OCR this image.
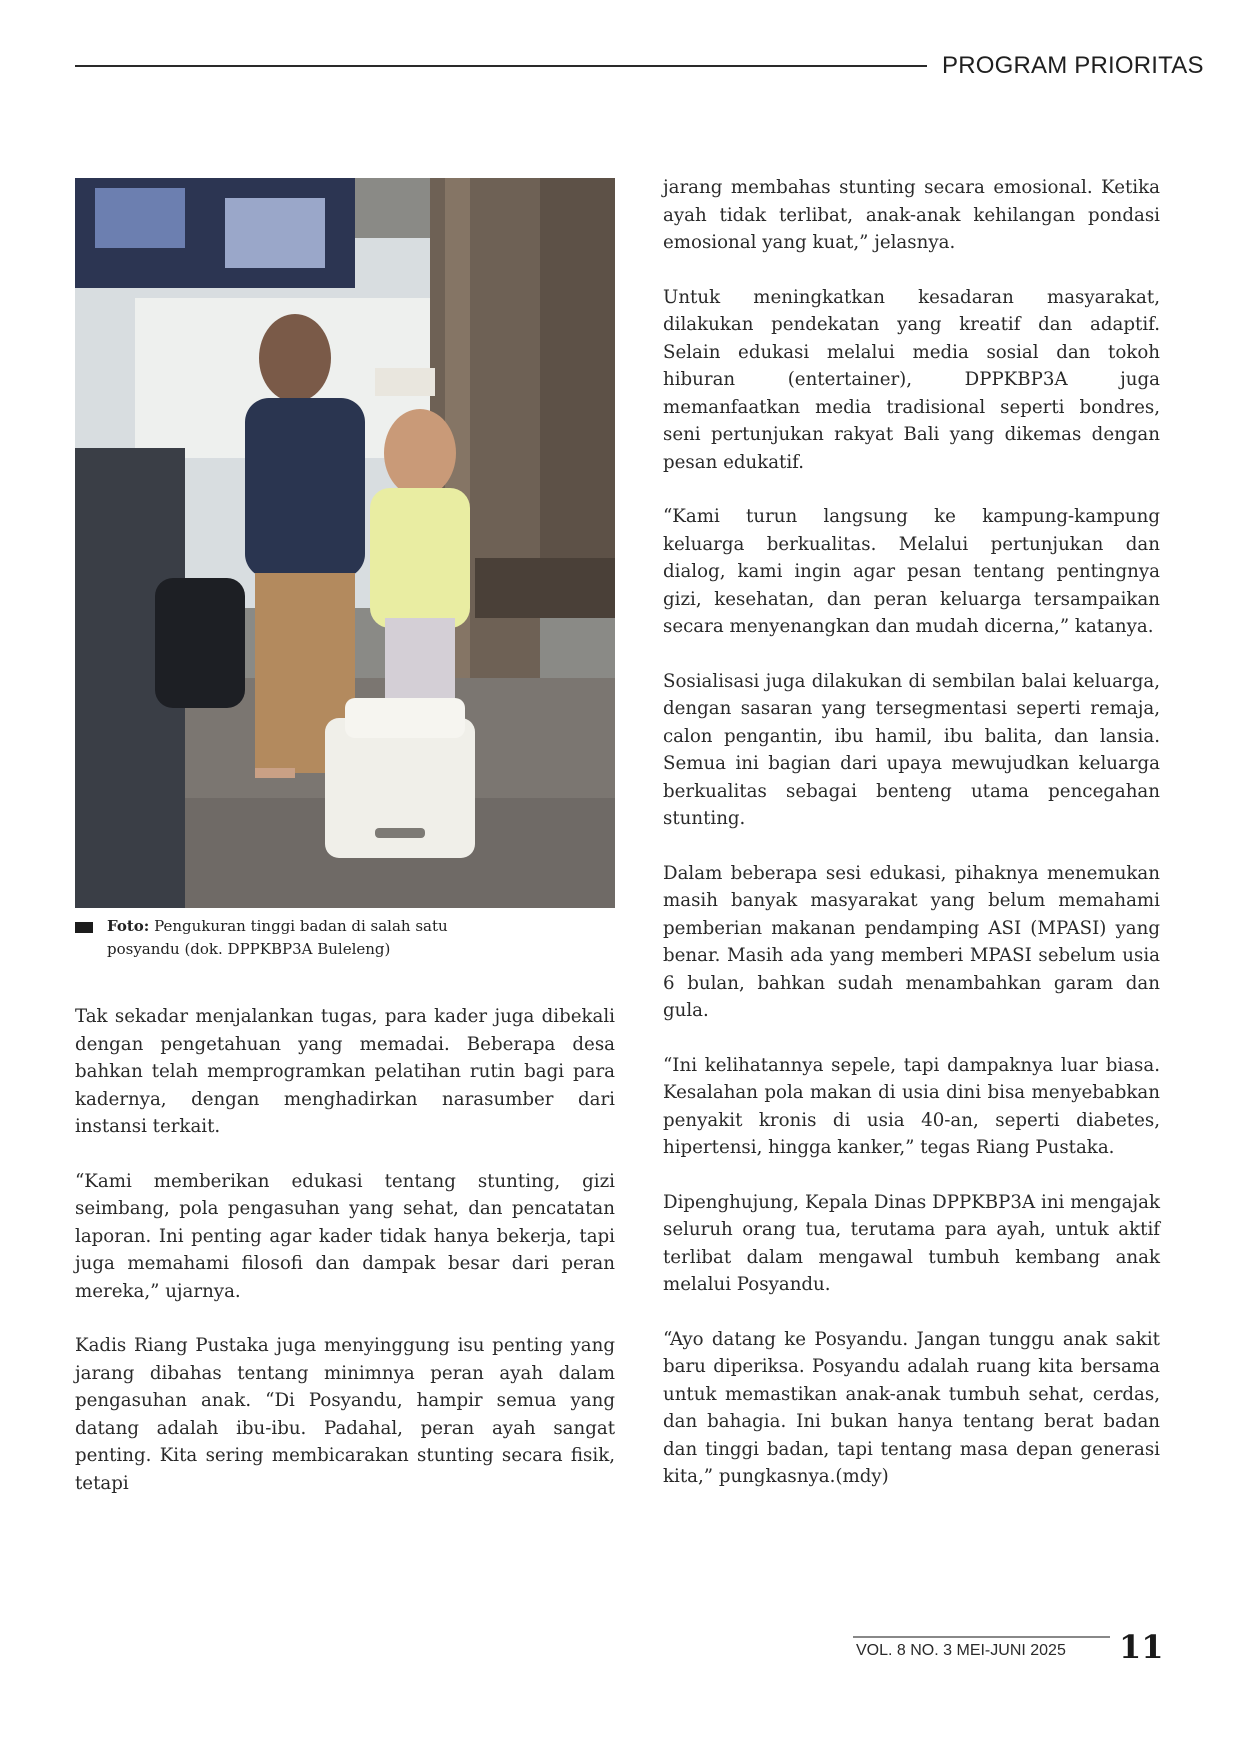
PROGRAM PRIORITAS
Foto: Pengukuran tinggi badan di salah satu
posyandu (dok. DPPKBP3A Buleleng)

Tak sekadar menjalankan tugas, para kader juga dibekali dengan pengetahuan yang memadai. Beberapa desa bahkan telah memprogramkan pelatihan rutin bagi para kadernya, dengan menghadirkan narasumber dari instansi terkait.

“Kami memberikan edukasi tentang stunting, gizi seimbang, pola pengasuhan yang sehat, dan pencatatan laporan. Ini penting agar kader tidak hanya bekerja, tapi juga memahami filosofi dan dampak besar dari peran mereka,” ujarnya.

Kadis Riang Pustaka juga menyinggung isu penting yang jarang dibahas tentang minimnya peran ayah dalam pengasuhan anak. “Di Posyandu, hampir semua yang datang adalah ibu-ibu. Padahal, peran ayah sangat penting. Kita sering membicarakan stunting secara fisik, tetapi

jarang membahas stunting secara emosional. Ketika ayah tidak terlibat, anak-anak kehilangan pondasi emosional yang kuat,” jelasnya.

Untuk meningkatkan kesadaran masyarakat, dilakukan pendekatan yang kreatif dan adaptif. Selain edukasi melalui media sosial dan tokoh hiburan (entertainer), DPPKBP3A juga memanfaatkan media tradisional seperti bondres, seni pertunjukan rakyat Bali yang dikemas dengan pesan edukatif.

“Kami turun langsung ke kampung-kampung keluarga berkualitas. Melalui pertunjukan dan dialog, kami ingin agar pesan tentang pentingnya gizi, kesehatan, dan peran keluarga tersampaikan secara menyenangkan dan mudah dicerna,” katanya.

Sosialisasi juga dilakukan di sembilan balai keluarga, dengan sasaran yang tersegmentasi seperti remaja, calon pengantin, ibu hamil, ibu balita, dan lansia. Semua ini bagian dari upaya mewujudkan keluarga berkualitas sebagai benteng utama pencegahan stunting.

Dalam beberapa sesi edukasi, pihaknya menemukan masih banyak masyarakat yang belum memahami pemberian makanan pendamping ASI (MPASI) yang benar. Masih ada yang memberi MPASI sebelum usia 6 bulan, bahkan sudah menambahkan garam dan gula.

“Ini kelihatannya sepele, tapi dampaknya luar biasa. Kesalahan pola makan di usia dini bisa menyebabkan penyakit kronis di usia 40-an, seperti diabetes, hipertensi, hingga kanker,” tegas Riang Pustaka.

Dipenghujung, Kepala Dinas DPPKBP3A ini mengajak seluruh orang tua, terutama para ayah, untuk aktif terlibat dalam mengawal tumbuh kembang anak melalui Posyandu.

“Ayo datang ke Posyandu. Jangan tunggu anak sakit baru diperiksa. Posyandu adalah ruang kita bersama untuk memastikan anak-anak tumbuh sehat, cerdas, dan bahagia. Ini bukan hanya tentang berat badan dan tinggi badan, tapi tentang masa depan generasi kita,” pungkasnya.(mdy)

VOL. 8 NO. 3 MEI-JUNI 2025	11
